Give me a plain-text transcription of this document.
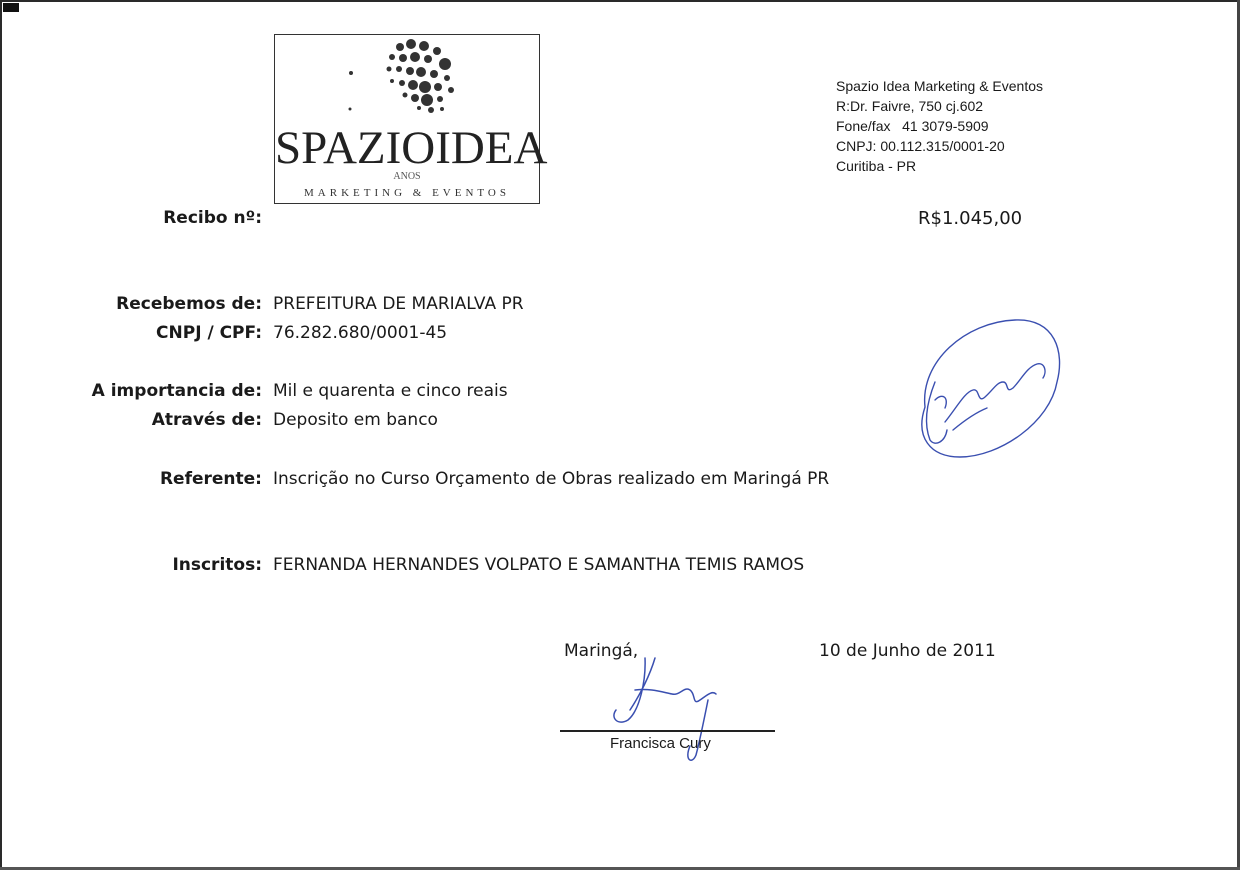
SPAZIOIDEA
ANOS
MARKETING & EVENTOS
Spazio Idea Marketing & Eventos
R:Dr. Faivre, 750 cj.602
Fone/fax   41 3079-5909
CNPJ: 00.112.315/0001-20
Curitiba - PR
Recibo nº:	R$1.045,00
Recebemos de: PREFEITURA DE MARIALVA PR
CNPJ / CPF: 76.282.680/0001-45
A importancia de: Mil e quarenta e cinco reais
Através de: Deposito em banco
Referente: Inscrição no Curso Orçamento de Obras realizado em Maringá PR
Inscritos: FERNANDA HERNANDES VOLPATO E SAMANTHA TEMIS RAMOS
Maringá,	10 de Junho de 2011
Francisca Cury
